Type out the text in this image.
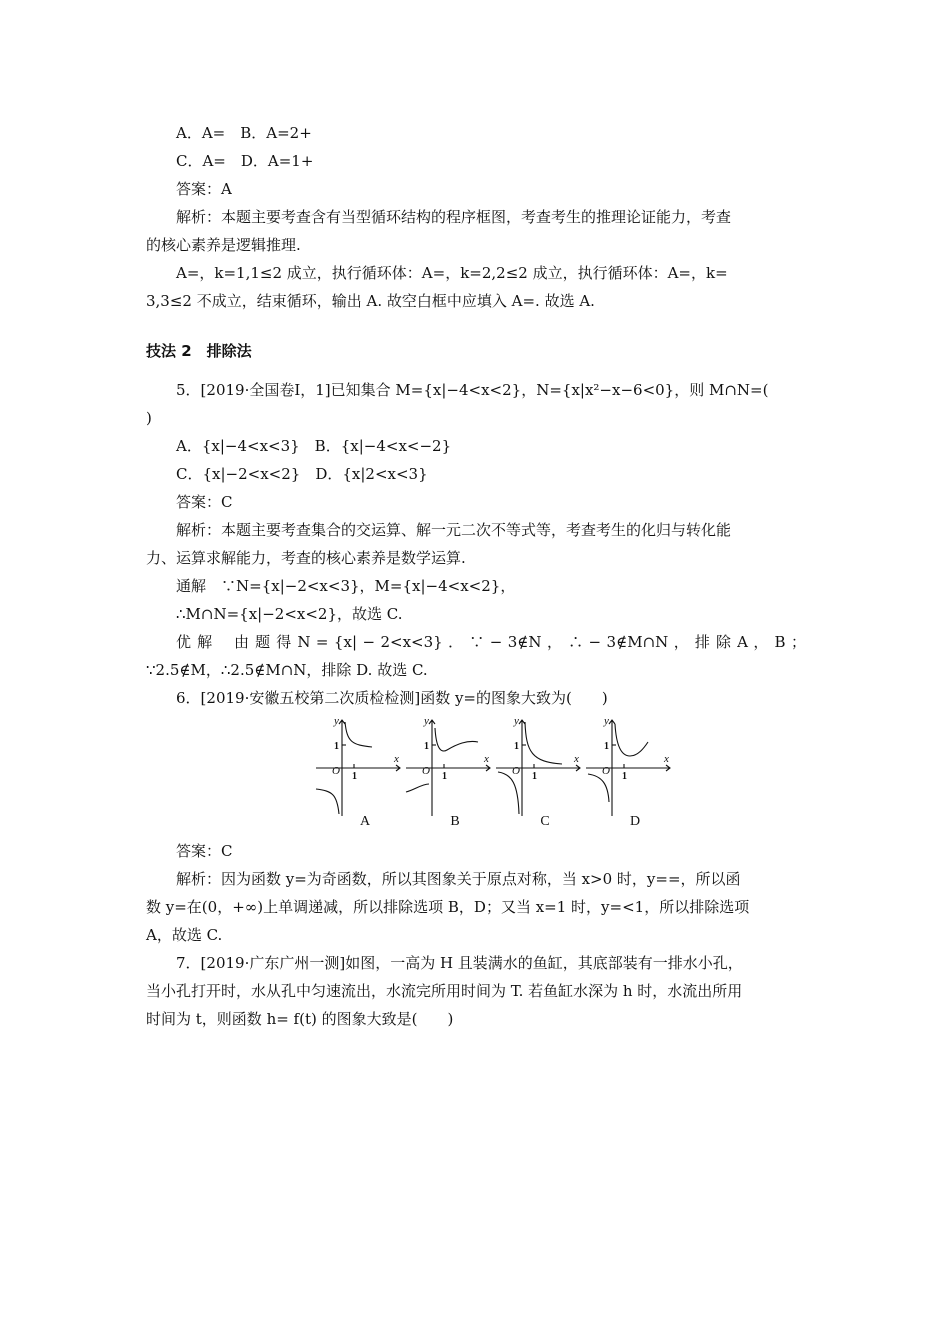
A．A=　B．A=2+
C．A=　D．A=1+
答案：A
解析：本题主要考查含有当型循环结构的程序框图，考查考生的推理论证能力，考查
的核心素养是逻辑推理.
A=，k=1,1≤2 成立，执行循环体：A=，k=2,2≤2 成立，执行循环体：A=，k=
3,3≤2 不成立，结束循环，输出 A. 故空白框中应填入 A=. 故选 A.
技法 2　排除法
5．[2019·全国卷Ⅰ，1]已知集合 M={x|−4<x<2}，N={x|x²−x−6<0}，则 M∩N=(
)
A．{x|−4<x<3}　B．{x|−4<x<−2}
C．{x|−2<x<2}　D．{x|2<x<3}
答案：C
解析：本题主要考查集合的交运算、解一元二次不等式等，考查考生的化归与转化能
力、运算求解能力，考查的核心素养是数学运算.
通解　∵N={x|−2<x<3}，M={x|−4<x<2}，
∴M∩N={x|−2<x<2}，故选 C.
优 解　 由 题 得 N = {x| − 2<x<3} ． ∵ − 3∉N ， ∴ − 3∉M∩N ， 排 除 A ， B ；
∵2.5∉M，∴2.5∉M∩N，排除 D. 故选 C.
6．[2019·安徽五校第二次质检检测]函数 y=的图象大致为(　　)
y
x
O
y
x
O
y
x
O
y
x
O
1
1
1
1
1
1
1
1
A	B	C	D
答案：C
解析：因为函数 y=为奇函数，所以其图象关于原点对称，当 x>0 时，y==，所以函
数 y=在(0，+∞)上单调递减，所以排除选项 B，D；又当 x=1 时，y=<1，所以排除选项
A，故选 C.
7．[2019·广东广州一测]如图，一高为 H 且装满水的鱼缸，其底部装有一排水小孔，
当小孔打开时，水从孔中匀速流出，水流完所用时间为 T. 若鱼缸水深为 h 时，水流出所用
时间为 t，则函数 h= f(t) 的图象大致是(　　)
